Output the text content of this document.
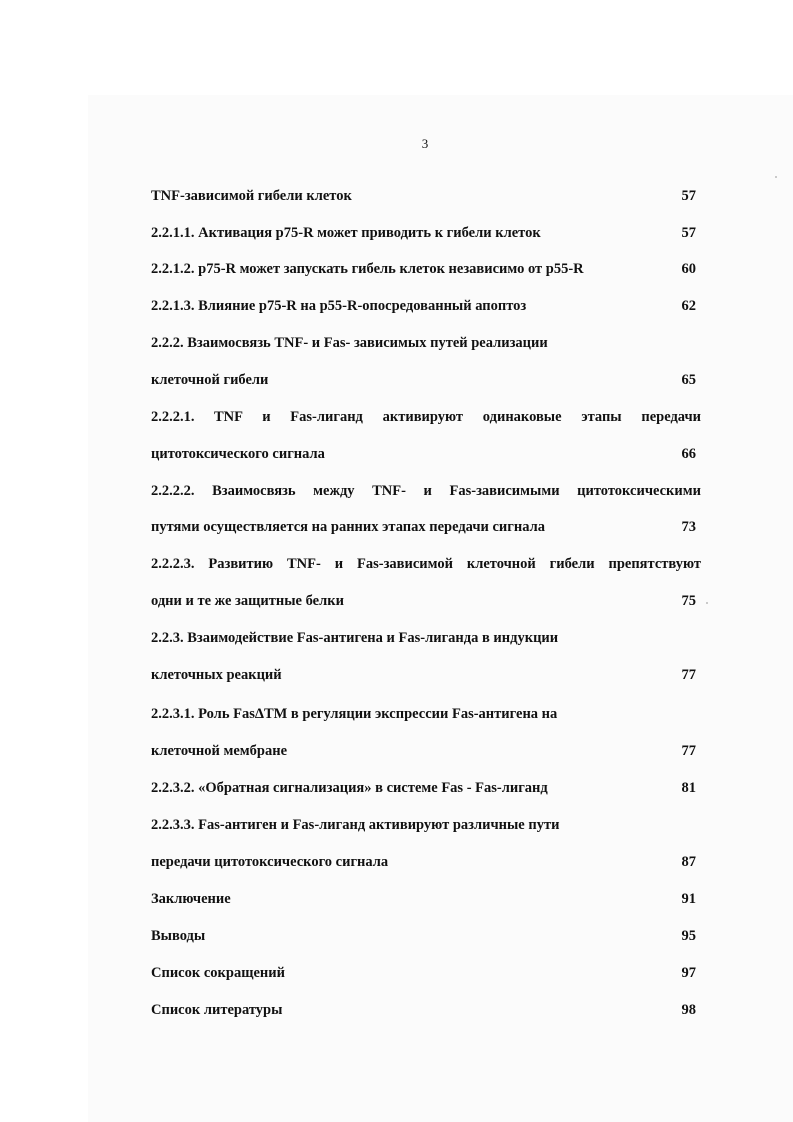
3
TNF-зависимой гибели клеток	57
2.2.1.1. Активация р75-R может приводить к гибели клеток	57
2.2.1.2. р75-R может запускать гибель клеток независимо от р55-R	60
2.2.1.3. Влияние р75-R на р55-R-опосредованный апоптоз	62
2.2.2. Взаимосвязь TNF- и Fas- зависимых путей реализации
клеточной гибели	65
2.2.2.1. TNF и Fas-лиганд активируют одинаковые этапы передачи
цитотоксического сигнала	66
2.2.2.2. Взаимосвязь между TNF- и Fas-зависимыми цитотоксическими
путями осуществляется на ранних этапах передачи сигнала	73
2.2.2.3. Развитию TNF- и Fas-зависимой клеточной гибели препятствуют
одни и те же защитные белки	75
2.2.3. Взаимодействие Fas-антигена и Fas-лиганда в индукции
клеточных реакций	77
2.2.3.1. Роль FasΔTM в регуляции экспрессии Fas-антигена на
клеточной мембране	77
2.2.3.2. «Обратная сигнализация» в системе Fas - Fas-лиганд	81
2.2.3.3. Fas-антиген и Fas-лиганд активируют различные пути
передачи цитотоксического сигнала	87
Заключение	91
Выводы	95
Список сокращений	97
Список литературы	98
